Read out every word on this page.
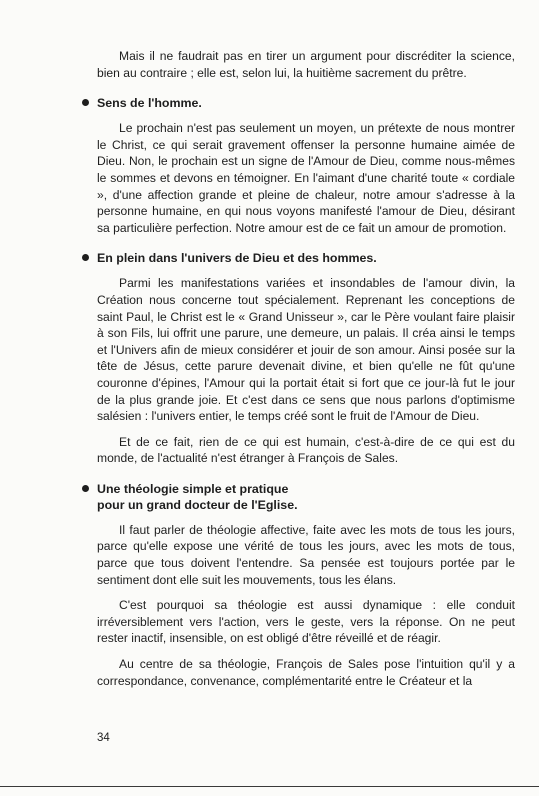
Mais il ne faudrait pas en tirer un argument pour discréditer la science, bien au contraire ; elle est, selon lui, la huitième sacrement du prêtre.

Sens de l'homme.

Le prochain n'est pas seulement un moyen, un prétexte de nous montrer le Christ, ce qui serait gravement offenser la personne humaine aimée de Dieu. Non, le prochain est un signe de l'Amour de Dieu, comme nous-mêmes le sommes et devons en témoigner. En l'aimant d'une charité toute « cordiale », d'une affection grande et pleine de chaleur, notre amour s'adresse à la personne humaine, en qui nous voyons manifesté l'amour de Dieu, désirant sa particulière perfection. Notre amour est de ce fait un amour de promotion.

En plein dans l'univers de Dieu et des hommes.

Parmi les manifestations variées et insondables de l'amour divin, la Création nous concerne tout spécialement. Reprenant les conceptions de saint Paul, le Christ est le « Grand Unisseur », car le Père voulant faire plaisir à son Fils, lui offrit une parure, une demeure, un palais. Il créa ainsi le temps et l'Univers afin de mieux considérer et jouir de son amour. Ainsi posée sur la tête de Jésus, cette parure devenait divine, et bien qu'elle ne fût qu'une couronne d'épines, l'Amour qui la portait était si fort que ce jour-là fut le jour de la plus grande joie. Et c'est dans ce sens que nous parlons d'optimisme salésien : l'univers entier, le temps créé sont le fruit de l'Amour de Dieu.

Et de ce fait, rien de ce qui est humain, c'est-à-dire de ce qui est du monde, de l'actualité n'est étranger à François de Sales.

Une théologie simple et pratique
pour un grand docteur de l'Eglise.

Il faut parler de théologie affective, faite avec les mots de tous les jours, parce qu'elle expose une vérité de tous les jours, avec les mots de tous, parce que tous doivent l'entendre. Sa pensée est toujours portée par le sentiment dont elle suit les mouvements, tous les élans.

C'est pourquoi sa théologie est aussi dynamique : elle conduit irréversiblement vers l'action, vers le geste, vers la réponse. On ne peut rester inactif, insensible, on est obligé d'être réveillé et de réagir.

Au centre de sa théologie, François de Sales pose l'intuition qu'il y a correspondance, convenance, complémentarité entre le Créateur et la

34
